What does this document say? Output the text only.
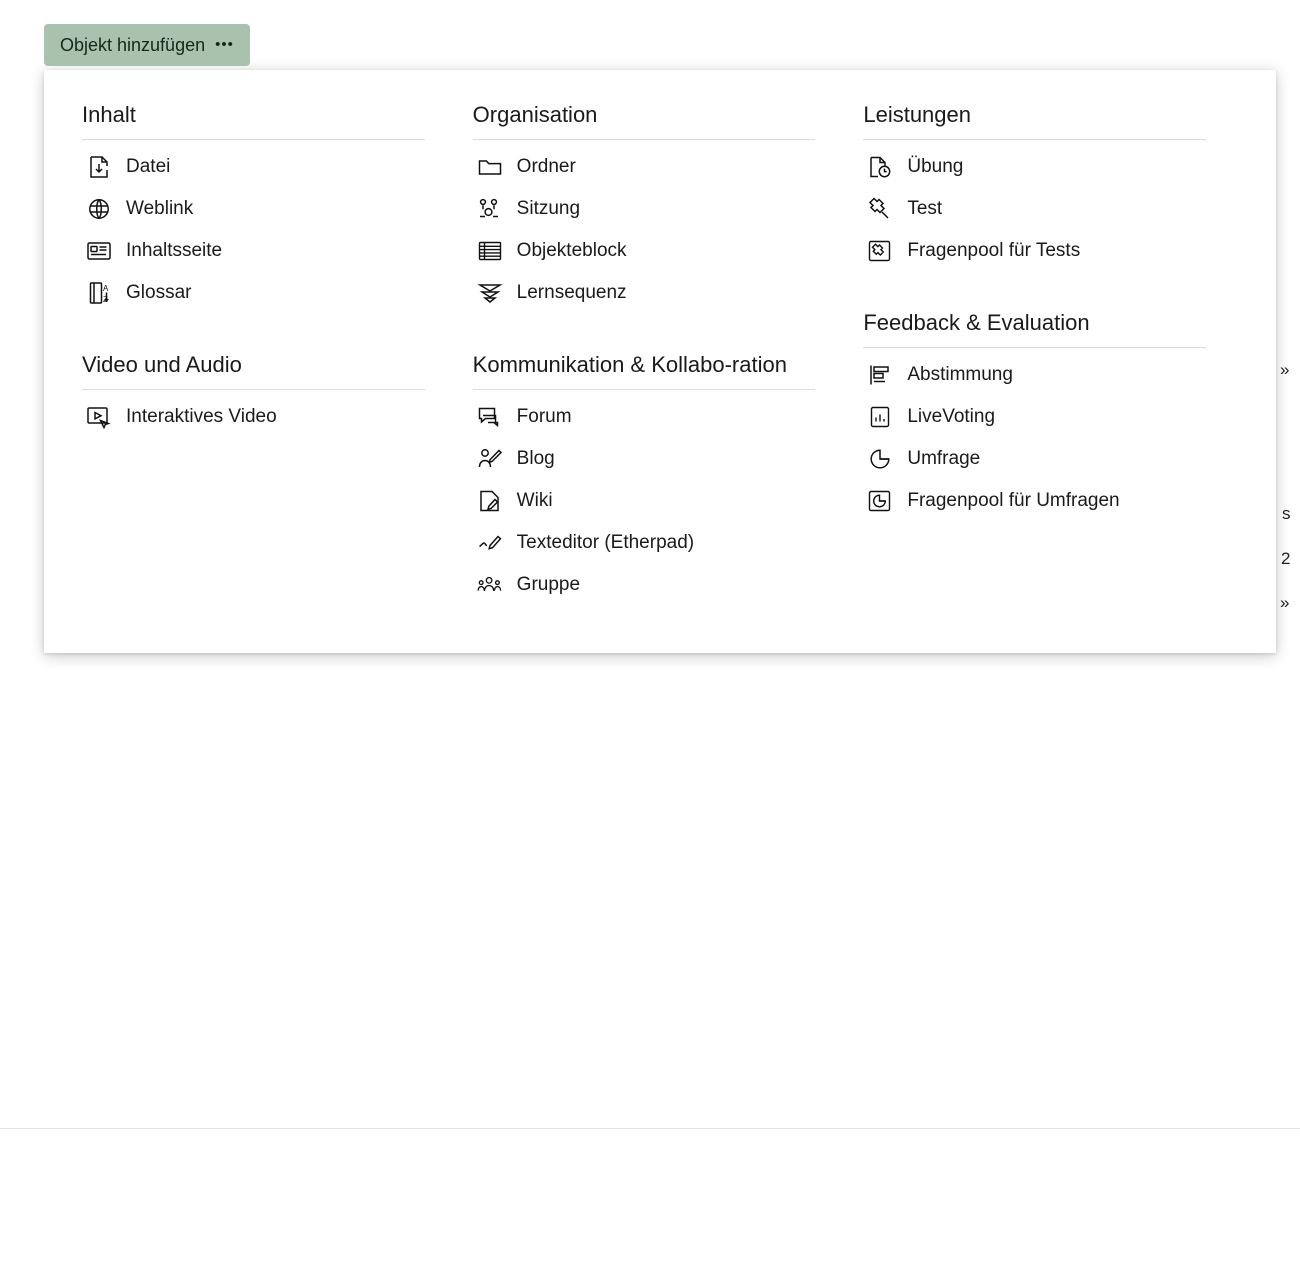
»
s
2
»
Objekt hinzufügen •••
Inhalt
Datei
Weblink
Inhaltsseite
A
Z Glossar
Video und Audio
Interaktives Video
Organisation
Ordner
Sitzung
Objekteblock
Lernsequenz
Kommunikation & Kollabo-ration
Forum
Blog
Wiki
Texteditor (Etherpad)
Gruppe
Leistungen
Übung
Test
Fragenpool für Tests
Feedback & Evaluation
Abstimmung
LiveVoting
Umfrage
Fragenpool für Umfragen
